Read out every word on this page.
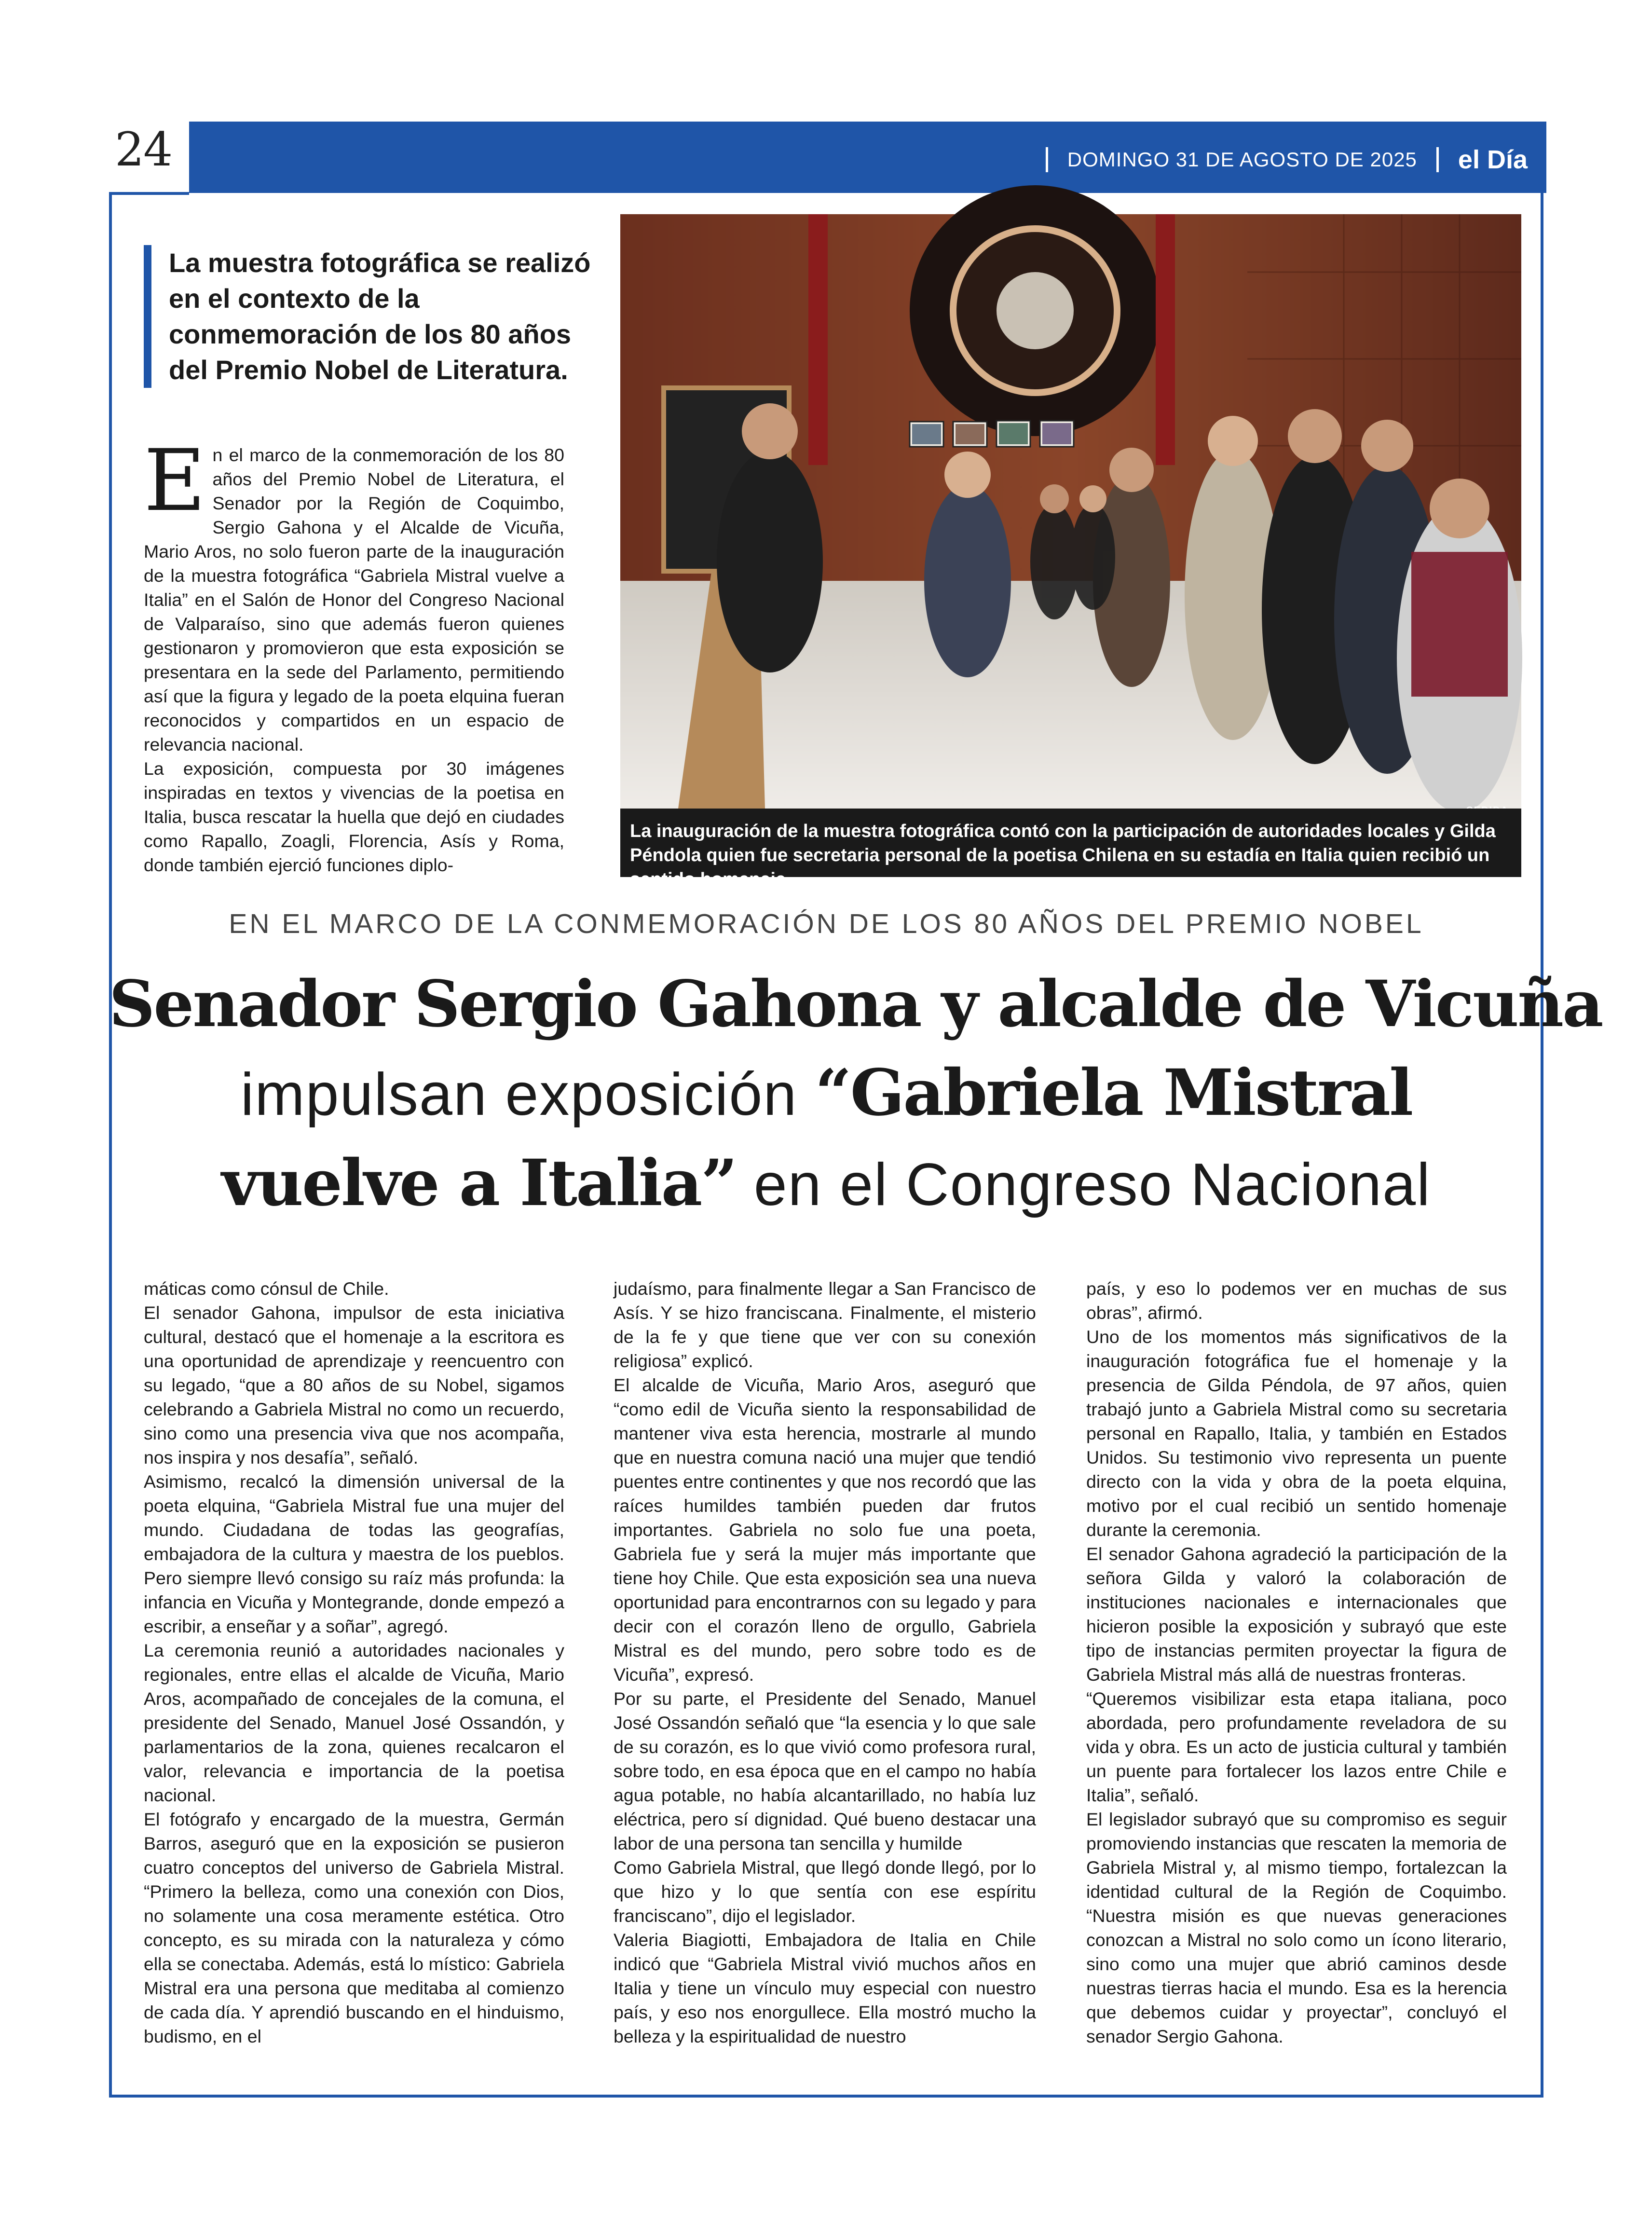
24	DOMINGO 31 DE AGOSTO DE 2025 el Día

La muestra fotográfica se realizó en el contexto de la conmemoración de los 80 años del Premio Nobel de Literatura.

En el marco de la conmemoración de los 80 años del Premio Nobel de Literatura, el Senador por la Región de Coquimbo, Sergio Gahona y el Alcalde de Vicuña, Mario Aros, no solo fueron parte de la inauguración de la muestra fotográfica “Gabriela Mistral vuelve a Italia” en el Salón de Honor del Congreso Nacional de Valparaíso, sino que además fueron quienes gestionaron y promovieron que esta exposición se presentara en la sede del Parlamento, permitiendo así que la figura y legado de la poeta elquina fueran reconocidos y compartidos en un espacio de relevancia nacional.

La exposición, compuesta por 30 imágenes inspiradas en textos y vivencias de la poetisa en Italia, busca rescatar la huella que dejó en ciudades como Rapallo, Zoagli, Florencia, Asís y Roma, donde también ejerció funciones diplo-

La inauguración de la muestra fotográfica contó con la participación de autoridades locales y Gilda Péndola quien fue secretaria personal de la poetisa Chilena en su estadía en Italia quien recibió un sentido homenaje.
EN EL MARCO DE LA CONMEMORACIÓN DE LOS 80 AÑOS DEL PREMIO NOBEL
Senador Sergio Gahona y alcalde de Vicuña
impulsan exposición “Gabriela Mistral
vuelve a Italia” en el Congreso Nacional

máticas como cónsul de Chile.

El senador Gahona, impulsor de esta iniciativa cultural, destacó que el homenaje a la escritora es una oportunidad de aprendizaje y reencuentro con su legado, “que a 80 años de su Nobel, sigamos celebrando a Gabriela Mistral no como un recuerdo, sino como una presencia viva que nos acompaña, nos inspira y nos desafía”, señaló.

Asimismo, recalcó la dimensión universal de la poeta elquina, “Gabriela Mistral fue una mujer del mundo. Ciudadana de todas las geografías, embajadora de la cultura y maestra de los pueblos. Pero siempre llevó consigo su raíz más profunda: la infancia en Vicuña y Montegrande, donde empezó a escribir, a enseñar y a soñar”, agregó.

La ceremonia reunió a autoridades nacionales y regionales, entre ellas el alcalde de Vicuña, Mario Aros, acompañado de concejales de la comuna, el presidente del Senado, Manuel José Ossandón, y parlamentarios de la zona, quienes recalcaron el valor, relevancia e importancia de la poetisa nacional.

El fotógrafo y encargado de la muestra, Germán Barros, aseguró que en la exposición se pusieron cuatro conceptos del universo de Gabriela Mistral. “Primero la belleza, como una conexión con Dios, no solamente una cosa meramente estética. Otro concepto, es su mirada con la naturaleza y cómo ella se conectaba. Además, está lo místico: Gabriela Mistral era una persona que meditaba al comienzo de cada día. Y aprendió buscando en el hinduismo, budismo, en el

judaísmo, para finalmente llegar a San Francisco de Asís. Y se hizo franciscana. Finalmente, el misterio de la fe y que tiene que ver con su conexión religiosa” explicó.

El alcalde de Vicuña, Mario Aros, aseguró que “como edil de Vicuña siento la responsabilidad de mantener viva esta herencia, mostrarle al mundo que en nuestra comuna nació una mujer que tendió puentes entre continentes y que nos recordó que las raíces humildes también pueden dar frutos importantes. Gabriela no solo fue una poeta, Gabriela fue y será la mujer más importante que tiene hoy Chile. Que esta exposición sea una nueva oportunidad para encontrarnos con su legado y para decir con el corazón lleno de orgullo, Gabriela Mistral es del mundo, pero sobre todo es de Vicuña”, expresó.

Por su parte, el Presidente del Senado, Manuel José Ossandón señaló que “la esencia y lo que sale de su corazón, es lo que vivió como profesora rural, sobre todo, en esa época que en el campo no había agua potable, no había alcantarillado, no había luz eléctrica, pero sí dignidad. Qué bueno destacar una labor de una persona tan sencilla y humilde

Como Gabriela Mistral, que llegó donde llegó, por lo que hizo y lo que sentía con ese espíritu franciscano”, dijo el legislador.

Valeria Biagiotti, Embajadora de Italia en Chile indicó que “Gabriela Mistral vivió muchos años en Italia y tiene un vínculo muy especial con nuestro país, y eso nos enorgullece. Ella mostró mucho la belleza y la espiritualidad de nuestro

país, y eso lo podemos ver en muchas de sus obras”, afirmó.

Uno de los momentos más significativos de la inauguración fotográfica fue el homenaje y la presencia de Gilda Péndola, de 97 años, quien trabajó junto a Gabriela Mistral como su secretaria personal en Rapallo, Italia, y también en Estados Unidos. Su testimonio vivo representa un puente directo con la vida y obra de la poeta elquina, motivo por el cual recibió un sentido homenaje durante la ceremonia.

El senador Gahona agradeció la participación de la señora Gilda y valoró la colaboración de instituciones nacionales e internacionales que hicieron posible la exposición y subrayó que este tipo de instancias permiten proyectar la figura de Gabriela Mistral más allá de nuestras fronteras.

“Queremos visibilizar esta etapa italiana, poco abordada, pero profundamente reveladora de su vida y obra. Es un acto de justicia cultural y también un puente para fortalecer los lazos entre Chile e Italia”, señaló.

El legislador subrayó que su compromiso es seguir promoviendo instancias que rescaten la memoria de Gabriela Mistral y, al mismo tiempo, fortalezcan la identidad cultural de la Región de Coquimbo. “Nuestra misión es que nuevas generaciones conozcan a Mistral no solo como un ícono literario, sino como una mujer que abrió caminos desde nuestras tierras hacia el mundo. Esa es la herencia que debemos cuidar y proyectar”, concluyó el senador Sergio Gahona.
